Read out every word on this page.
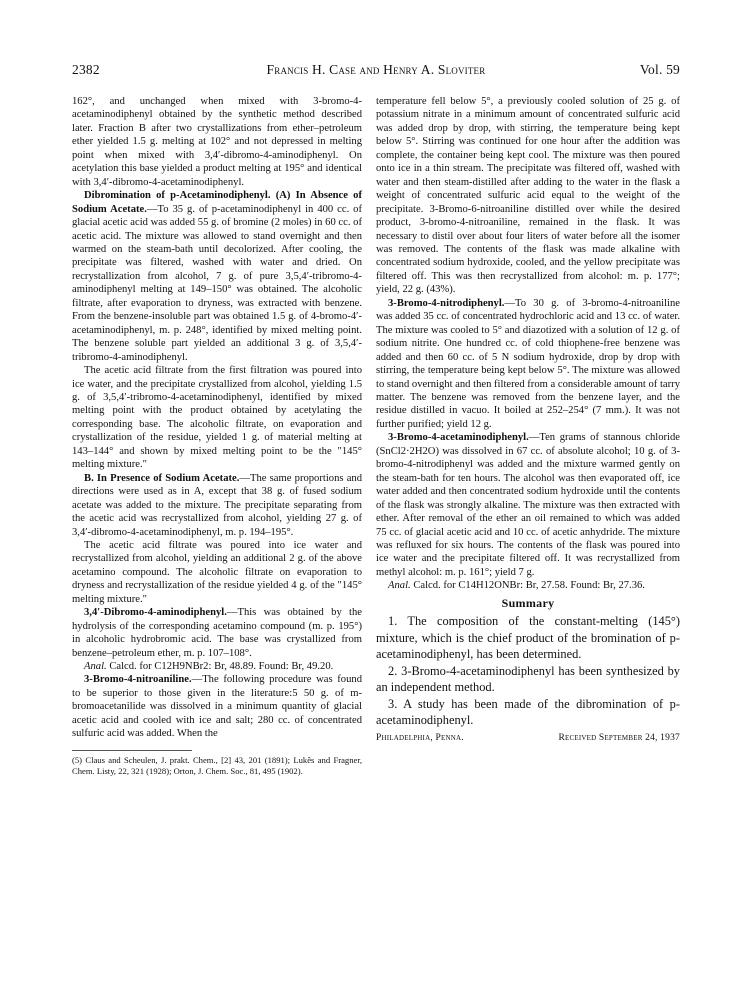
2382	Francis H. Case and Henry A. Sloviter	Vol. 59

162°, and unchanged when mixed with 3-bromo-4-acetaminodiphenyl obtained by the synthetic method described later. Fraction B after two crystallizations from ether–petroleum ether yielded 1.5 g. melting at 102° and not depressed in melting point when mixed with 3,4′-dibromo-4-aminodiphenyl. On acetylation this base yielded a product melting at 195° and identical with 3,4′-dibromo-4-acetaminodiphenyl.

Dibromination of p-Acetaminodiphenyl. (A) In Absence of Sodium Acetate.—To 35 g. of p-acetaminodiphenyl in 400 cc. of glacial acetic acid was added 55 g. of bromine (2 moles) in 60 cc. of acetic acid. The mixture was allowed to stand overnight and then warmed on the steam-bath until decolorized. After cooling, the precipitate was filtered, washed with water and dried. On recrystallization from alcohol, 7 g. of pure 3,5,4′-tribromo-4-aminodiphenyl melting at 149–150° was obtained. The alcoholic filtrate, after evaporation to dryness, was extracted with benzene. From the benzene-insoluble part was obtained 1.5 g. of 4-bromo-4′-acetaminodiphenyl, m. p. 248°, identified by mixed melting point. The benzene soluble part yielded an additional 3 g. of 3,5,4′-tribromo-4-aminodiphenyl.

The acetic acid filtrate from the first filtration was poured into ice water, and the precipitate crystallized from alcohol, yielding 1.5 g. of 3,5,4′-tribromo-4-acetaminodiphenyl, identified by mixed melting point with the product obtained by acetylating the corresponding base. The alcoholic filtrate, on evaporation and crystallization of the residue, yielded 1 g. of material melting at 143–144° and shown by mixed melting point to be the "145° melting mixture."

B. In Presence of Sodium Acetate.—The same proportions and directions were used as in A, except that 38 g. of fused sodium acetate was added to the mixture. The precipitate separating from the acetic acid was recrystallized from alcohol, yielding 27 g. of 3,4′-dibromo-4-acetaminodiphenyl, m. p. 194–195°.

The acetic acid filtrate was poured into ice water and recrystallized from alcohol, yielding an additional 2 g. of the above acetamino compound. The alcoholic filtrate on evaporation to dryness and recrystallization of the residue yielded 4 g. of the "145° melting mixture."

3,4′-Dibromo-4-aminodiphenyl.—This was obtained by the hydrolysis of the corresponding acetamino compound (m. p. 195°) in alcoholic hydrobromic acid. The base was crystallized from benzene–petroleum ether, m. p. 107–108°.

Anal. Calcd. for C12H9NBr2: Br, 48.89. Found: Br, 49.20.

3-Bromo-4-nitroaniline.—The following procedure was found to be superior to those given in the literature:5 50 g. of m-bromoacetanilide was dissolved in a minimum quantity of glacial acetic acid and cooled with ice and salt; 280 cc. of concentrated sulfuric acid was added. When the

(5) Claus and Scheulen, J. prakt. Chem., [2] 43, 201 (1891); Lukês and Fragner, Chem. Listy, 22, 321 (1928); Orton, J. Chem. Soc., 81, 495 (1902).

temperature fell below 5°, a previously cooled solution of 25 g. of potassium nitrate in a minimum amount of concentrated sulfuric acid was added drop by drop, with stirring, the temperature being kept below 5°. Stirring was continued for one hour after the addition was complete, the container being kept cool. The mixture was then poured onto ice in a thin stream. The precipitate was filtered off, washed with water and then steam-distilled after adding to the water in the flask a weight of concentrated sulfuric acid equal to the weight of the precipitate. 3-Bromo-6-nitroaniline distilled over while the desired product, 3-bromo-4-nitroaniline, remained in the flask. It was necessary to distil over about four liters of water before all the isomer was removed. The contents of the flask was made alkaline with concentrated sodium hydroxide, cooled, and the yellow precipitate was filtered off. This was then recrystallized from alcohol: m. p. 177°; yield, 22 g. (43%).

3-Bromo-4-nitrodiphenyl.—To 30 g. of 3-bromo-4-nitroaniline was added 35 cc. of concentrated hydrochloric acid and 13 cc. of water. The mixture was cooled to 5° and diazotized with a solution of 12 g. of sodium nitrite. One hundred cc. of cold thiophene-free benzene was added and then 60 cc. of 5 N sodium hydroxide, drop by drop with stirring, the temperature being kept below 5°. The mixture was allowed to stand overnight and then filtered from a considerable amount of tarry matter. The benzene was removed from the benzene layer, and the residue distilled in vacuo. It boiled at 252–254° (7 mm.). It was not further purified; yield 12 g.

3-Bromo-4-acetaminodiphenyl.—Ten grams of stannous chloride (SnCl2·2H2O) was dissolved in 67 cc. of absolute alcohol; 10 g. of 3-bromo-4-nitrodiphenyl was added and the mixture warmed gently on the steam-bath for ten hours. The alcohol was then evaporated off, ice water added and then concentrated sodium hydroxide until the contents of the flask was strongly alkaline. The mixture was then extracted with ether. After removal of the ether an oil remained to which was added 75 cc. of glacial acetic acid and 10 cc. of acetic anhydride. The mixture was refluxed for six hours. The contents of the flask was poured into ice water and the precipitate filtered off. It was recrystallized from methyl alcohol: m. p. 161°; yield 7 g.

Anal. Calcd. for C14H12ONBr: Br, 27.58. Found: Br, 27.36.

Summary

1. The composition of the constant-melting (145°) mixture, which is the chief product of the bromination of p-acetaminodiphenyl, has been determined.

2. 3-Bromo-4-acetaminodiphenyl has been synthesized by an independent method.

3. A study has been made of the dibromination of p-acetaminodiphenyl.

Philadelphia, Penna.	Received September 24, 1937
